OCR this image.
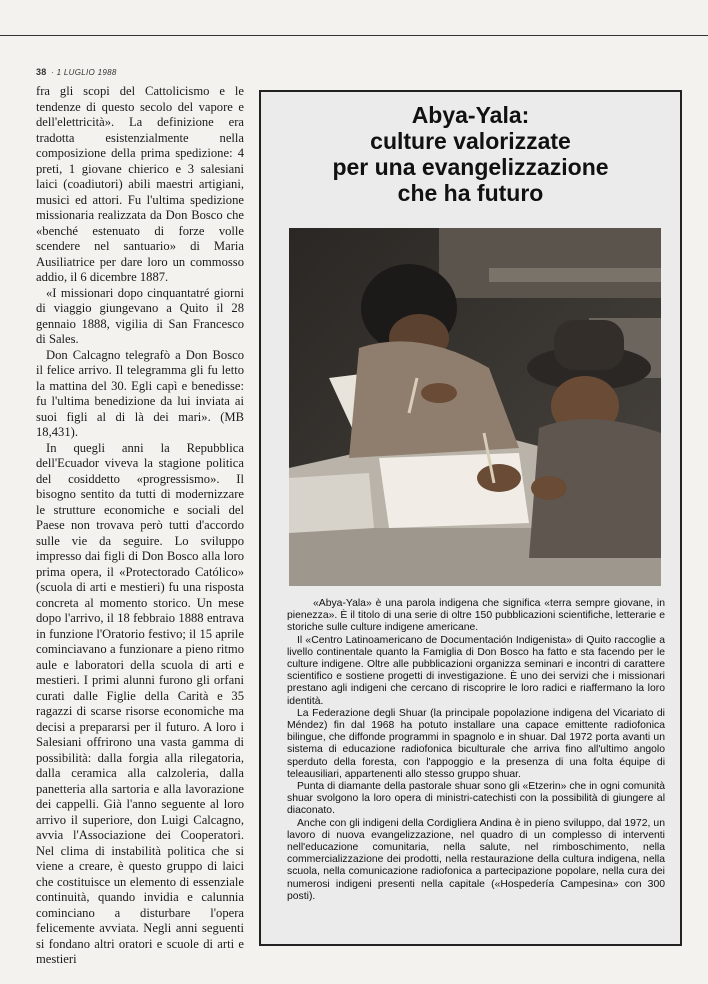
38 · 1 LUGLIO 1988

fra gli scopi del Cattolicismo e le tendenze di questo secolo del vapore e dell'elettricità». La definizione era tradotta esistenzialmente nella composizione della prima spedizione: 4 preti, 1 giovane chierico e 3 salesiani laici (coadiutori) abili maestri artigiani, musici ed attori. Fu l'ultima spedizione missionaria realizzata da Don Bosco che «benché estenuato di forze volle scendere nel santuario» di Maria Ausiliatrice per dare loro un commosso addio, il 6 dicembre 1887.

«I missionari dopo cinquantatré giorni di viaggio giungevano a Quito il 28 gennaio 1888, vigilia di San Francesco di Sales.

Don Calcagno telegrafò a Don Bosco il felice arrivo. Il telegramma gli fu letto la mattina del 30. Egli capì e benedisse: fu l'ultima benedizione da lui inviata ai suoi figli al di là dei mari». (MB 18,431).

In quegli anni la Repubblica dell'Ecuador viveva la stagione politica del cosiddetto «progressismo». Il bisogno sentito da tutti di modernizzare le strutture economiche e sociali del Paese non trovava però tutti d'accordo sulle vie da seguire. Lo sviluppo impresso dai figli di Don Bosco alla loro prima opera, il «Protectorado Católico» (scuola di arti e mestieri) fu una risposta concreta al momento storico. Un mese dopo l'arrivo, il 18 febbraio 1888 entrava in funzione l'Oratorio festivo; il 15 aprile cominciavano a funzionare a pieno ritmo aule e laboratori della scuola di arti e mestieri. I primi alunni furono gli orfani curati dalle Figlie della Carità e 35 ragazzi di scarse risorse economiche ma decisi a prepararsi per il futuro. A loro i Salesiani offrirono una vasta gamma di possibilità: dalla forgia alla rilegatoria, dalla ceramica alla calzoleria, dalla panetteria alla sartoria e alla lavorazione dei cappelli. Già l'anno seguente al loro arrivo il superiore, don Luigi Calcagno, avvia l'Associazione dei Cooperatori. Nel clima di instabilità politica che si viene a creare, è questo gruppo di laici che costituisce un elemento di essenziale continuità, quando invidia e calunnia cominciano a disturbare l'opera felicemente avviata. Negli anni seguenti si fondano altri oratori e scuole di arti e mestieri

Abya-Yala:
culture valorizzate
per una evangelizzazione
che ha futuro

«Abya-Yala» è una parola indigena che significa «terra sempre giovane, in pienezza». È il titolo di una serie di oltre 150 pubblicazioni scientifiche, letterarie e storiche sulle culture indigene americane.

Il «Centro Latinoamericano de Documentación Indigenista» di Quito raccoglie a livello continentale quanto la Famiglia di Don Bosco ha fatto e sta facendo per le culture indigene. Oltre alle pubblicazioni organizza seminari e incontri di carattere scientifico e sostiene progetti di investigazione. È uno dei servizi che i missionari prestano agli indigeni che cercano di riscoprire le loro radici e riaffermano la loro identità.

La Federazione degli Shuar (la principale popolazione indigena del Vicariato di Méndez) fin dal 1968 ha potuto installare una capace emittente radiofonica bilingue, che diffonde programmi in spagnolo e in shuar. Dal 1972 porta avanti un sistema di educazione radiofonica biculturale che arriva fino all'ultimo angolo sperduto della foresta, con l'appoggio e la presenza di una folta équipe di teleausiliari, appartenenti allo stesso gruppo shuar.

Punta di diamante della pastorale shuar sono gli «Etzerin» che in ogni comunità shuar svolgono la loro opera di ministri-catechisti con la possibilità di giungere al diaconato.

Anche con gli indigeni della Cordigliera Andina è in pieno sviluppo, dal 1972, un lavoro di nuova evangelizzazione, nel quadro di un complesso di interventi nell'educazione comunitaria, nella salute, nel rimboschimento, nella commercializzazione dei prodotti, nella restaurazione della cultura indigena, nella scuola, nella comunicazione radiofonica a partecipazione popolare, nella cura dei numerosi indigeni presenti nella capitale («Hospedería Campesina» con 300 posti).
